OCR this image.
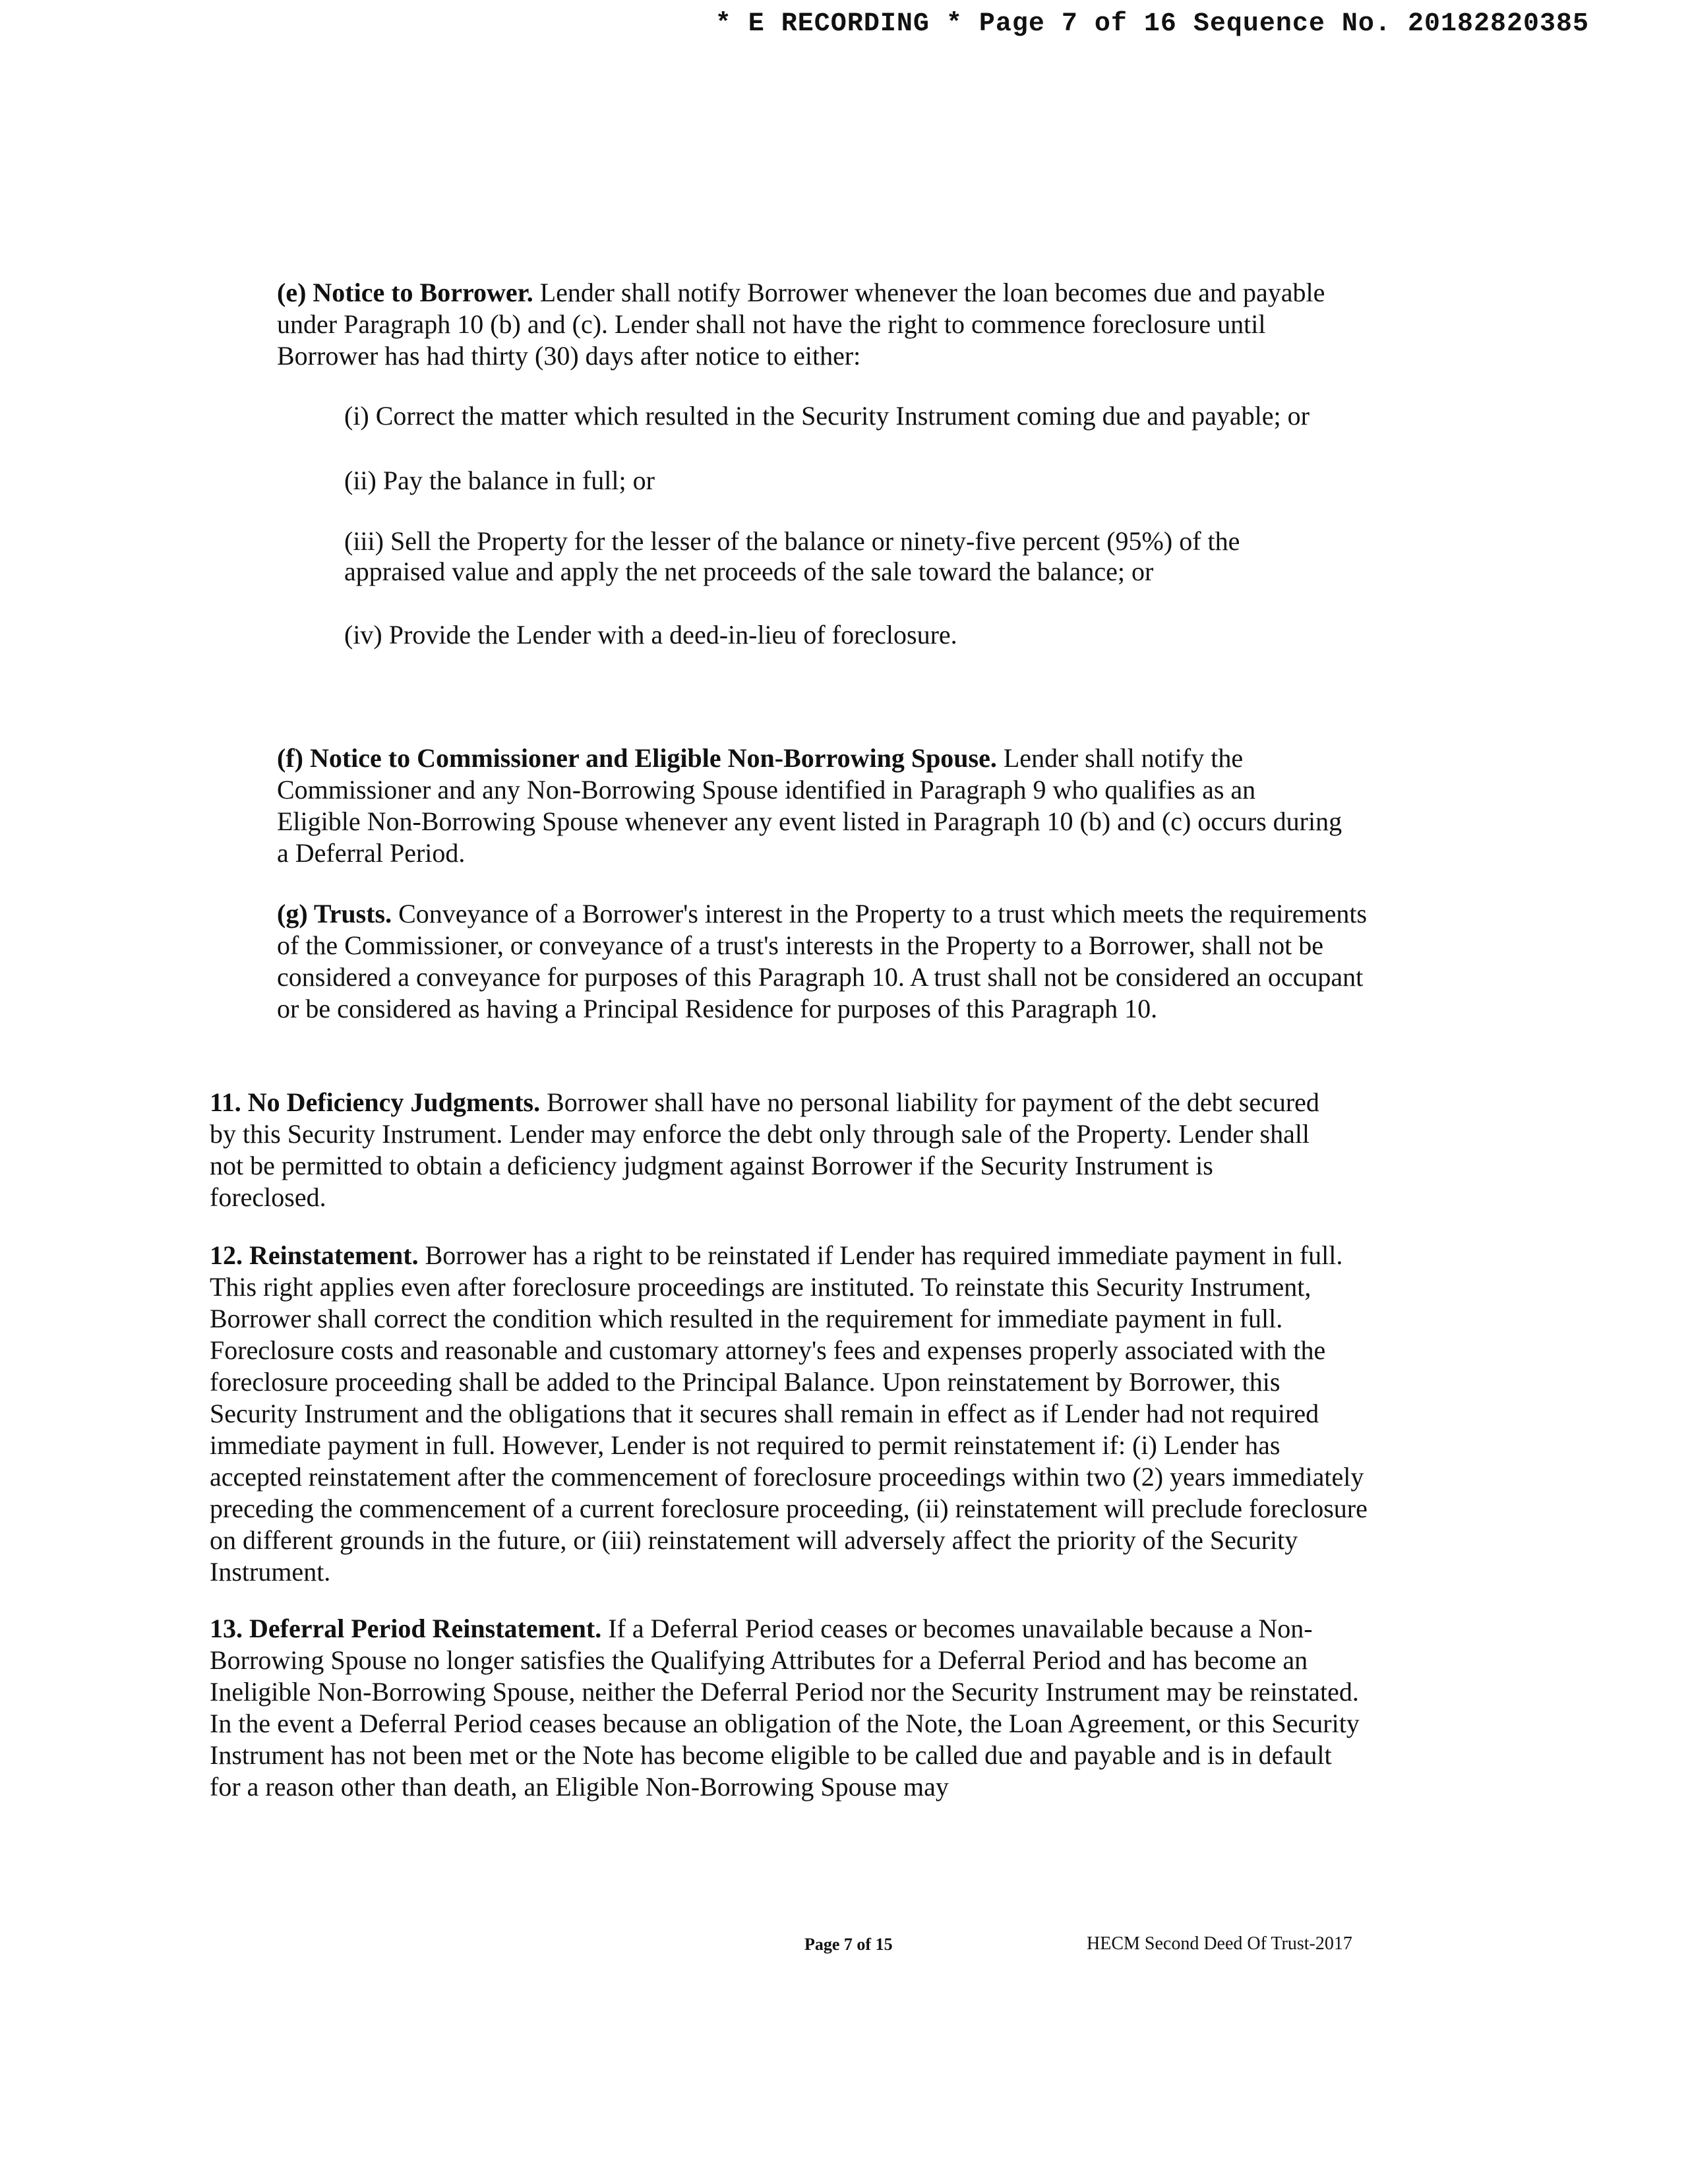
* E RECORDING * Page 7 of 16 Sequence No. 20182820385

(e) Notice to Borrower. Lender shall notify Borrower whenever the loan becomes due and payable under Paragraph 10 (b) and (c). Lender shall not have the right to commence foreclosure until Borrower has had thirty (30) days after notice to either:

(i) Correct the matter which resulted in the Security Instrument coming due and payable; or

(ii) Pay the balance in full; or

(iii) Sell the Property for the lesser of the balance or ninety-five percent (95%) of the appraised value and apply the net proceeds of the sale toward the balance; or

(iv) Provide the Lender with a deed-in-lieu of foreclosure.

(f) Notice to Commissioner and Eligible Non-Borrowing Spouse. Lender shall notify the Commissioner and any Non-Borrowing Spouse identified in Paragraph 9 who qualifies as an Eligible Non-Borrowing Spouse whenever any event listed in Paragraph 10 (b) and (c) occurs during a Deferral Period.

(g) Trusts. Conveyance of a Borrower's interest in the Property to a trust which meets the requirements of the Commissioner, or conveyance of a trust's interests in the Property to a Borrower, shall not be considered a conveyance for purposes of this Paragraph 10. A trust shall not be considered an occupant or be considered as having a Principal Residence for purposes of this Paragraph 10.

11. No Deficiency Judgments. Borrower shall have no personal liability for payment of the debt secured by this Security Instrument. Lender may enforce the debt only through sale of the Property. Lender shall not be permitted to obtain a deficiency judgment against Borrower if the Security Instrument is foreclosed.

12. Reinstatement. Borrower has a right to be reinstated if Lender has required immediate payment in full. This right applies even after foreclosure proceedings are instituted. To reinstate this Security Instrument, Borrower shall correct the condition which resulted in the requirement for immediate payment in full. Foreclosure costs and reasonable and customary attorney's fees and expenses properly associated with the foreclosure proceeding shall be added to the Principal Balance. Upon reinstatement by Borrower, this Security Instrument and the obligations that it secures shall remain in effect as if Lender had not required immediate payment in full. However, Lender is not required to permit reinstatement if: (i) Lender has accepted reinstatement after the commencement of foreclosure proceedings within two (2) years immediately preceding the commencement of a current foreclosure proceeding, (ii) reinstatement will preclude foreclosure on different grounds in the future, or (iii) reinstatement will adversely affect the priority of the Security Instrument.

13. Deferral Period Reinstatement. If a Deferral Period ceases or becomes unavailable because a Non-Borrowing Spouse no longer satisfies the Qualifying Attributes for a Deferral Period and has become an Ineligible Non-Borrowing Spouse, neither the Deferral Period nor the Security Instrument may be reinstated. In the event a Deferral Period ceases because an obligation of the Note, the Loan Agreement, or this Security Instrument has not been met or the Note has become eligible to be called due and payable and is in default for a reason other than death, an Eligible Non-Borrowing Spouse may

Page 7 of 15	HECM Second Deed Of Trust-2017
